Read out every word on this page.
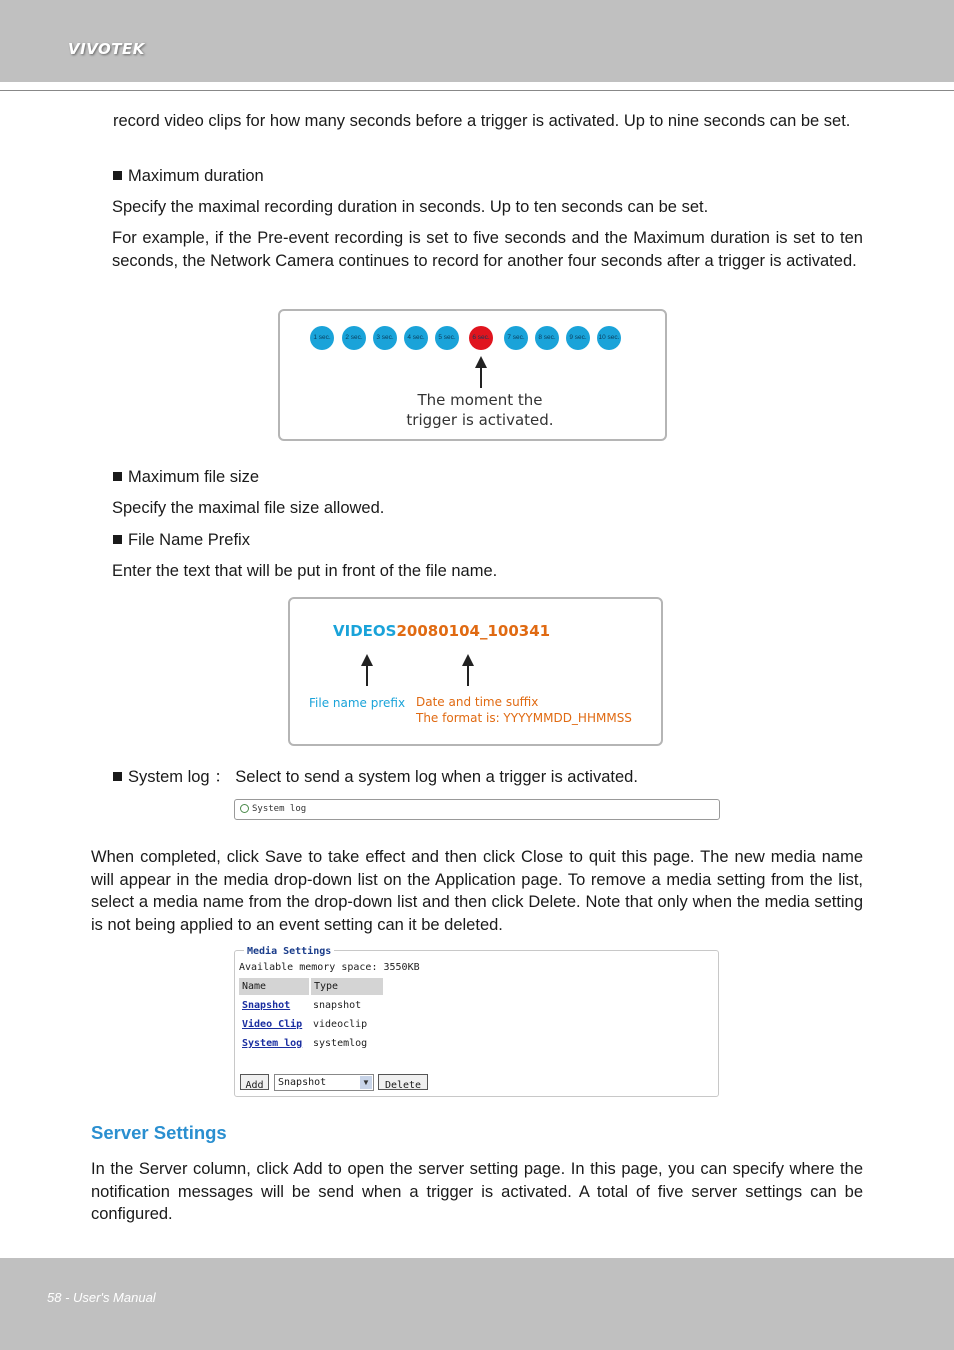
VIVOTEK

record video clips for how many seconds before a trigger is activated. Up to nine seconds can be set.

Maximum duration

Specify the maximal recording duration in seconds. Up to ten seconds can be set.

For example, if the Pre-event recording is set to five seconds and the Maximum duration is set to ten seconds, the Network Camera continues to record for another four seconds after a trigger is activated.

1 sec.	2 sec.	3 sec.	4 sec.	5 sec.	6 sec.	7 sec.	8 sec.	9 sec.	10 sec.
The moment the
trigger is activated.
Maximum file size

Specify the maximal file size allowed.

File Name Prefix

Enter the text that will be put in front of the file name.

VIDEOS20080104_100341
File name prefix Date and time suffix
The format is: YYYYMMDD_HHMMSS
System log ： Select to send a system log when a trigger is activated.
System log

When completed, click Save to take effect and then click Close to quit this page. The new media name will appear in the media drop-down list on the Application page. To remove a media setting from the list, select a media name from the drop-down list and then click Delete. Note that only when the media setting is not being applied to an event setting can it be deleted.

Media Settings
Available memory space: 3550KB
Name	Type
Snapshot snapshot
Video Clip videoclip
System log systemlog
Add	Snapshot	▼	Delete
Server Settings

In the Server column, click Add to open the server setting page. In this page, you can specify where the notification messages will be send when a trigger is activated. A total of five server settings can be configured.

58 - User's Manual
